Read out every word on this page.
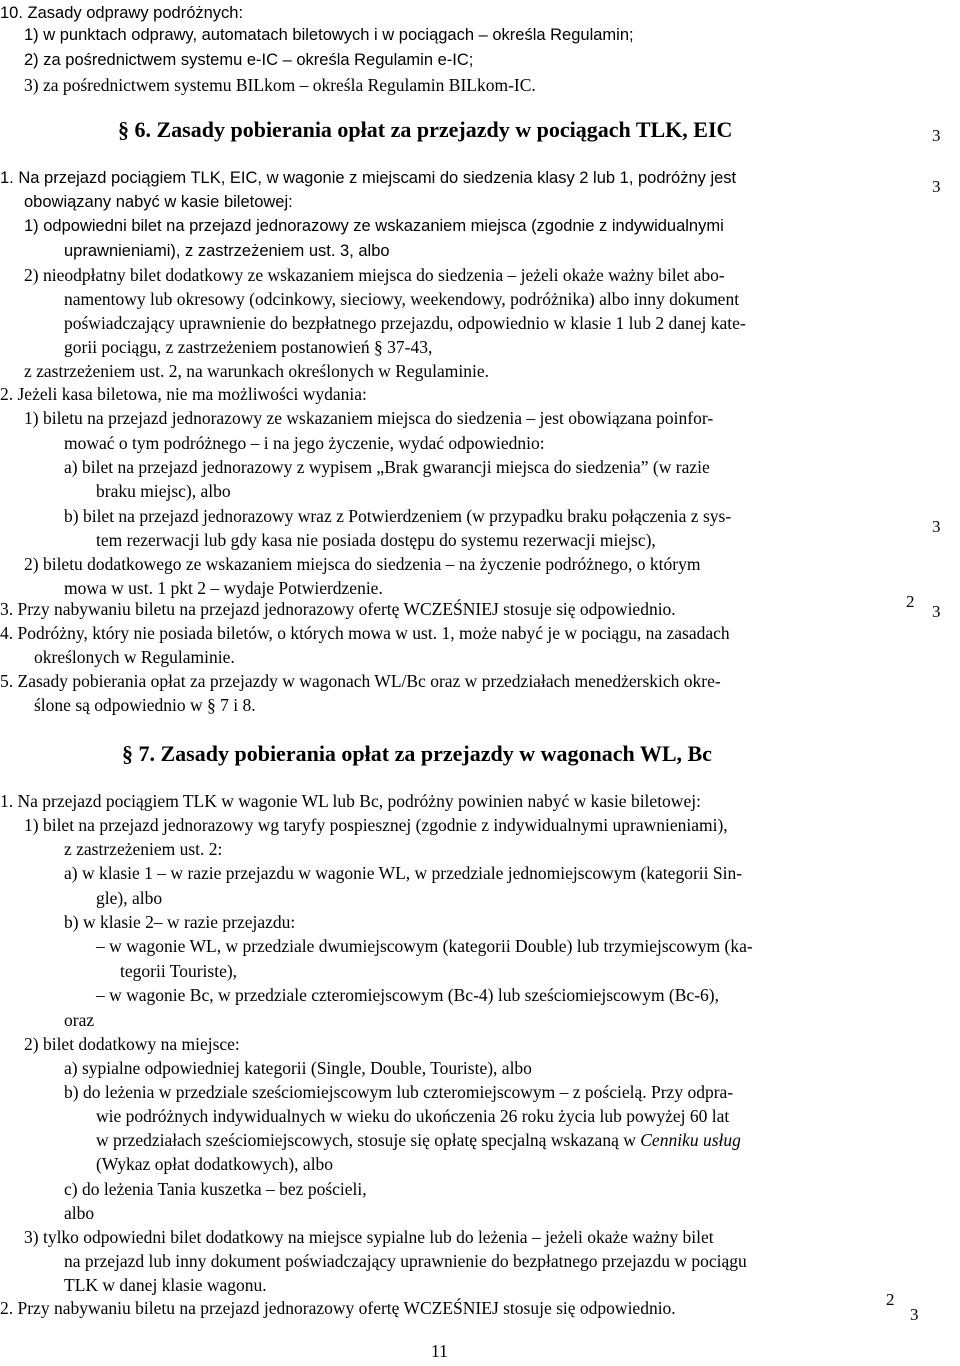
10. Zasady odprawy podróżnych:
1) w punktach odprawy, automatach biletowych i w pociągach – określa Regulamin;
2) za pośrednictwem systemu e-IC – określa Regulamin e-IC;
3) za pośrednictwem systemu BILkom – określa Regulamin BILkom-IC.
§ 6. Zasady pobierania opłat za przejazdy w pociągach TLK, EIC
1. Na przejazd pociągiem TLK, EIC, w wagonie z miejscami do siedzenia klasy 2 lub 1, podróżny jest
obowiązany nabyć w kasie biletowej:
1) odpowiedni bilet na przejazd jednorazowy ze wskazaniem miejsca (zgodnie z indywidualnymi
uprawnieniami), z zastrzeżeniem ust. 3, albo
2) nieodpłatny bilet dodatkowy ze wskazaniem miejsca do siedzenia – jeżeli okaże ważny bilet abo-
namentowy lub okresowy (odcinkowy, sieciowy, weekendowy, podróżnika) albo inny dokument
poświadczający uprawnienie do bezpłatnego przejazdu, odpowiednio w klasie 1 lub 2 danej kate-
gorii pociągu, z zastrzeżeniem postanowień § 37-43,
z zastrzeżeniem ust. 2, na warunkach określonych w Regulaminie.
2. Jeżeli kasa biletowa, nie ma możliwości wydania:
1) biletu na przejazd jednorazowy ze wskazaniem miejsca do siedzenia – jest obowiązana poinfor-
mować o tym podróżnego – i na jego życzenie, wydać odpowiednio:
a) bilet na przejazd jednorazowy z wypisem „Brak gwarancji miejsca do siedzenia” (w razie
braku miejsc), albo
b) bilet na przejazd jednorazowy wraz z Potwierdzeniem (w przypadku braku połączenia z sys-
tem rezerwacji lub gdy kasa nie posiada dostępu do systemu rezerwacji miejsc),
2) biletu dodatkowego ze wskazaniem miejsca do siedzenia – na życzenie podróżnego, o którym
mowa w ust. 1 pkt 2 – wydaje Potwierdzenie.
3. Przy nabywaniu biletu na przejazd jednorazowy ofertę WCZEŚNIEJ stosuje się odpowiednio.
4. Podróżny, który nie posiada biletów, o których mowa w ust. 1, może nabyć je w pociągu, na zasadach
określonych w Regulaminie.
5. Zasady pobierania opłat za przejazdy w wagonach WL/Bc oraz w przedziałach menedżerskich okre-
ślone są odpowiednio w § 7 i 8.
§ 7. Zasady pobierania opłat za przejazdy w wagonach WL, Bc
1. Na przejazd pociągiem TLK w wagonie WL lub Bc, podróżny powinien nabyć w kasie biletowej:
1) bilet na przejazd jednorazowy wg taryfy pospiesznej (zgodnie z indywidualnymi uprawnieniami),
z zastrzeżeniem ust. 2:
a) w klasie 1 – w razie przejazdu w wagonie WL, w przedziale jednomiejscowym (kategorii Sin-
gle), albo
b) w klasie 2– w razie przejazdu:
– w wagonie WL, w przedziale dwumiejscowym (kategorii Double) lub trzymiejscowym (ka-
tegorii Touriste),
– w wagonie Bc, w przedziale czteromiejscowym (Bc-4) lub sześciomiejscowym (Bc-6),
oraz
2) bilet dodatkowy na miejsce:
a) sypialne odpowiedniej kategorii (Single, Double, Touriste), albo
b) do leżenia w przedziale sześciomiejscowym lub czteromiejscowym – z pościelą. Przy odpra-
wie podróżnych indywidualnych w wieku do ukończenia 26 roku życia lub powyżej 60 lat
w przedziałach sześciomiejscowych, stosuje się opłatę specjalną wskazaną w Cenniku usług
(Wykaz opłat dodatkowych), albo
c) do leżenia Tania kuszetka – bez pościeli,
albo
3) tylko odpowiedni bilet dodatkowy na miejsce sypialne lub do leżenia – jeżeli okaże ważny bilet
na przejazd lub inny dokument poświadczający uprawnienie do bezpłatnego przejazdu w pociągu
TLK w danej klasie wagonu.
2. Przy nabywaniu biletu na przejazd jednorazowy ofertę WCZEŚNIEJ stosuje się odpowiednio.
3
3
3
2
3
2
3
11
